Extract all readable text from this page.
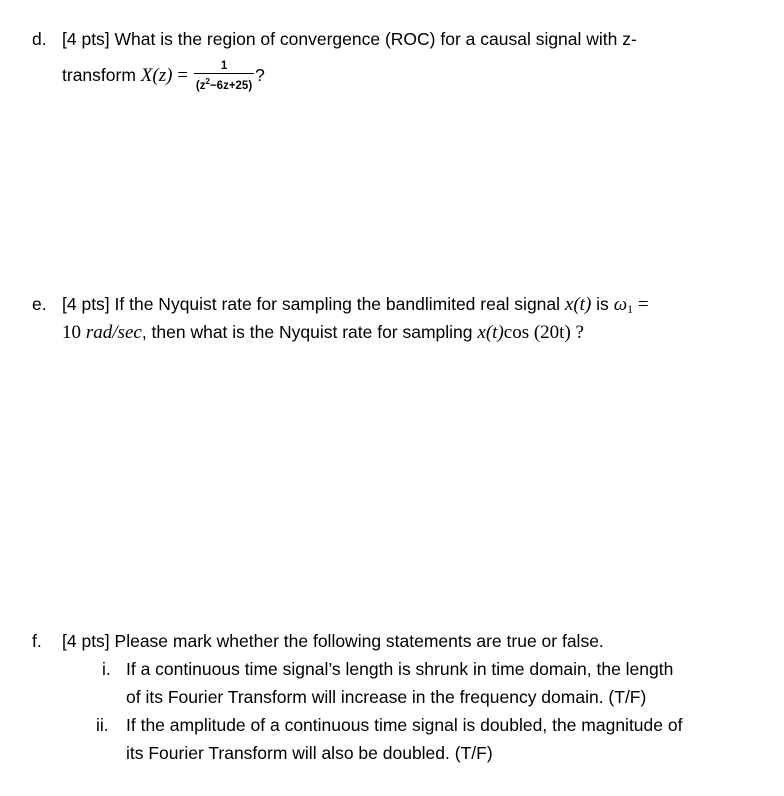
d. [4 pts] What is the region of convergence (ROC) for a causal signal with z-
transform $X(z) = \frac{1}{(z^2-6z+25)}$ ?
e. [4 pts] If the Nyquist rate for sampling the bandlimited real signal x(t) is $\omega_1$ =
10 rad/sec, then what is the Nyquist rate for sampling x(t)cos (20t) ?
f. [4 pts] Please mark whether the following statements are true or false.
i. If a continuous time signal’s length is shrunk in time domain, the length
of its Fourier Transform will increase in the frequency domain. (T/F)
ii. If the amplitude of a continuous time signal is doubled, the magnitude of
its Fourier Transform will also be doubled. (T/F)
